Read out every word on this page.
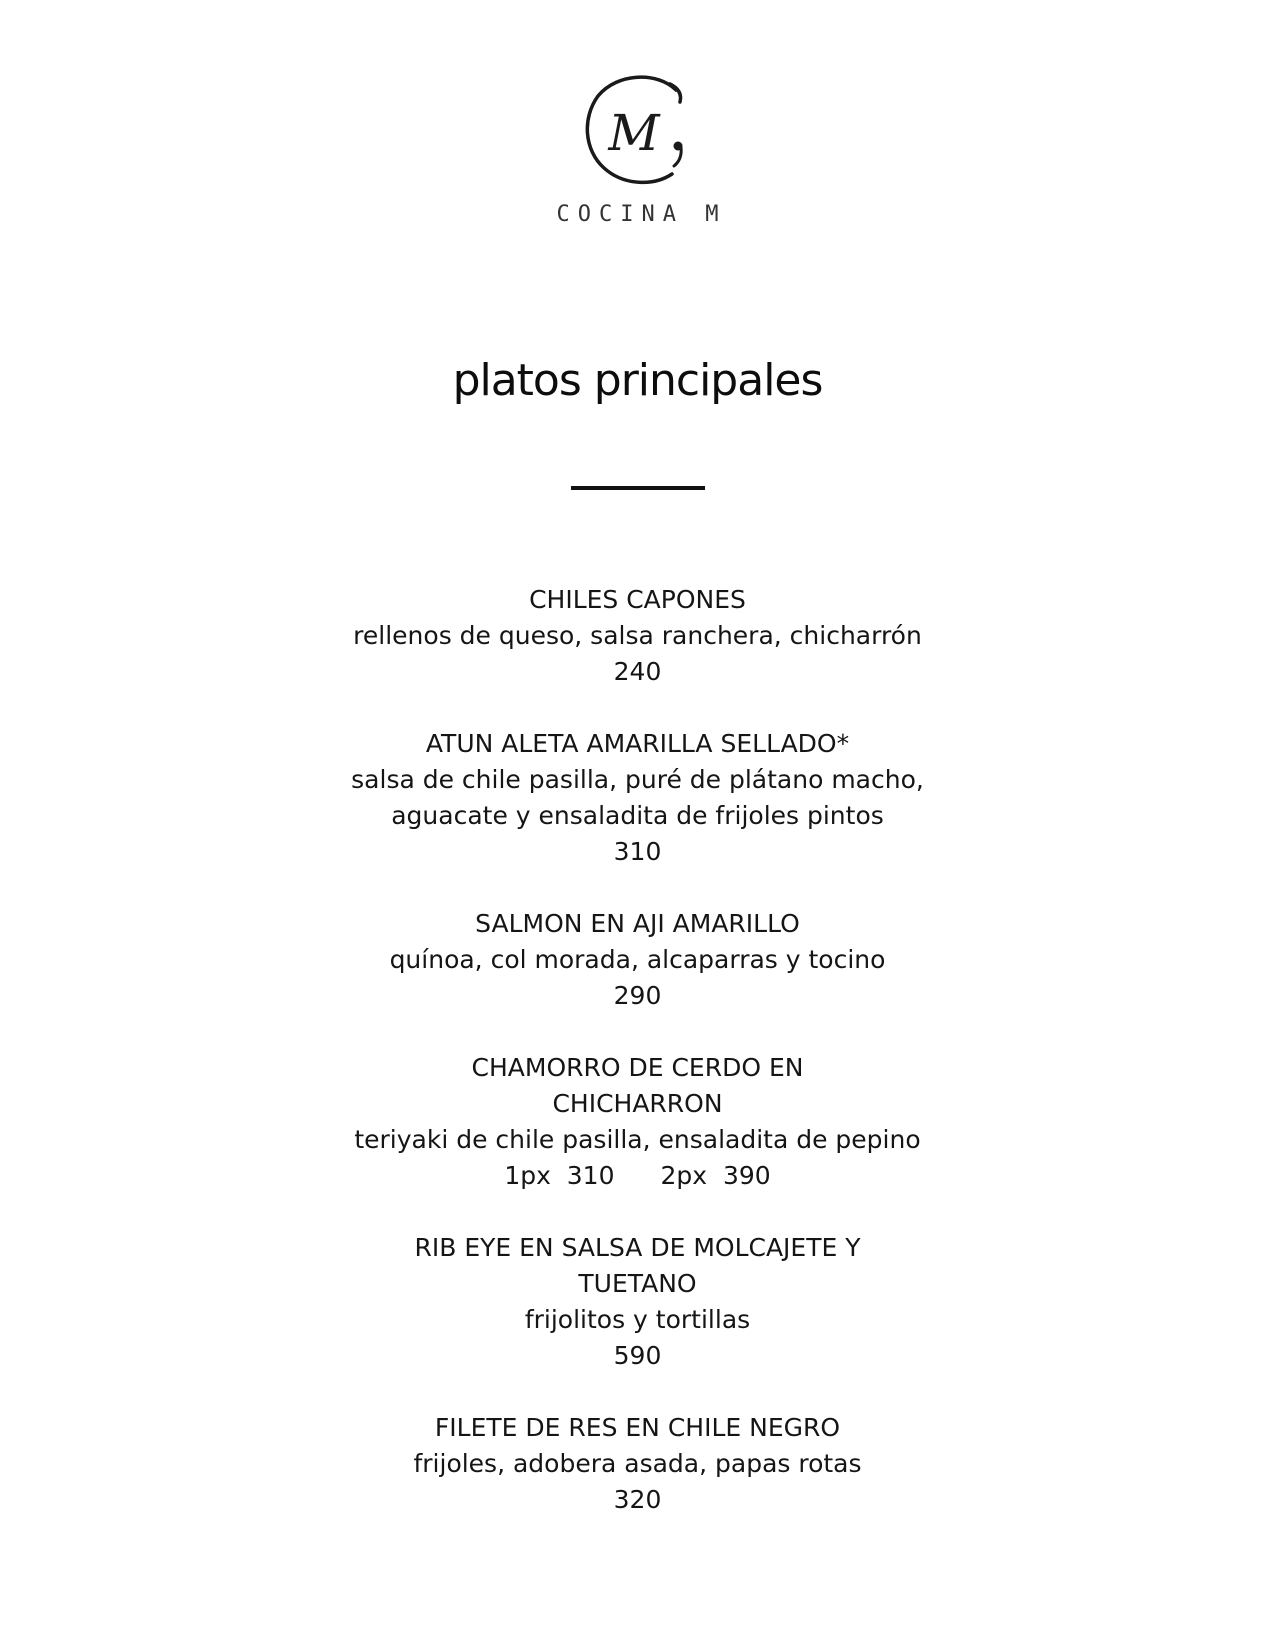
M
COCINA M
platos principales
CHILES CAPONES
rellenos de queso, salsa ranchera, chicharrón
240
ATUN ALETA AMARILLA SELLADO*
salsa de chile pasilla, puré de plátano macho,
aguacate y ensaladita de frijoles pintos
310
SALMON EN AJI AMARILLO
quínoa, col morada, alcaparras y tocino
290
CHAMORRO DE CERDO EN CHICHARRON
teriyaki de chile pasilla, ensaladita de pepino
1px  310 2px  390
RIB EYE EN SALSA DE MOLCAJETE Y TUETANO
frijolitos y tortillas
590
FILETE DE RES EN CHILE NEGRO
frijoles, adobera asada, papas rotas
320
